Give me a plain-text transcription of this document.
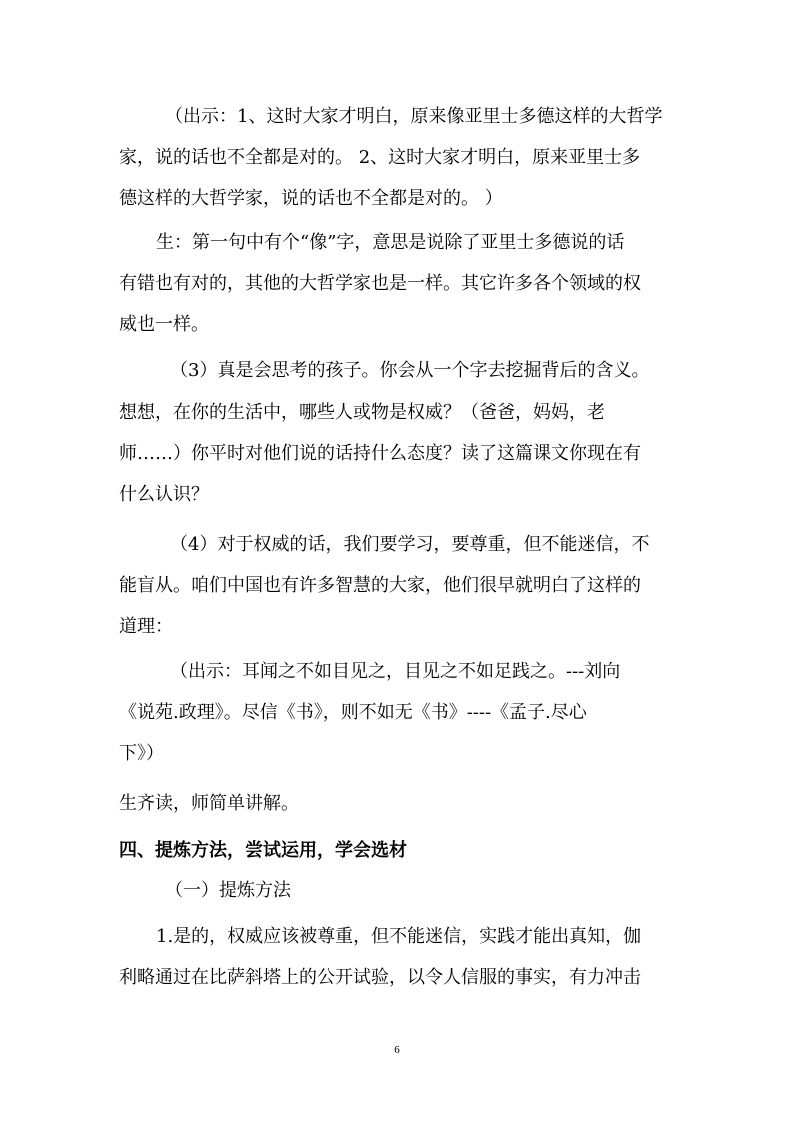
（出示：1、这时大家才明白，原来像亚里士多德这样的大哲学
家，说的话也不全都是对的。 2、这时大家才明白，原来亚里士多
德这样的大哲学家，说的话也不全都是对的。 ）
生：第一句中有个“像”字，意思是说除了亚里士多德说的话
有错也有对的，其他的大哲学家也是一样。其它许多各个领域的权
威也一样。
（3）真是会思考的孩子。你会从一个字去挖掘背后的含义。
想想，在你的生活中，哪些人或物是权威？（爸爸，妈妈，老
师……）你平时对他们说的话持什么态度？读了这篇课文你现在有
什么认识？
（4）对于权威的话，我们要学习，要尊重，但不能迷信，不
能盲从。咱们中国也有许多智慧的大家，他们很早就明白了这样的
道理：
（出示：耳闻之不如目见之，目见之不如足践之。---刘向
《说苑.政理》。尽信《书》，则不如无《书》----《孟子.尽心
下》）
生齐读，师简单讲解。
四、提炼方法，尝试运用，学会选材
（一）提炼方法
1.是的，权威应该被尊重，但不能迷信，实践才能出真知，伽
利略通过在比萨斜塔上的公开试验，以令人信服的事实，有力冲击
6
